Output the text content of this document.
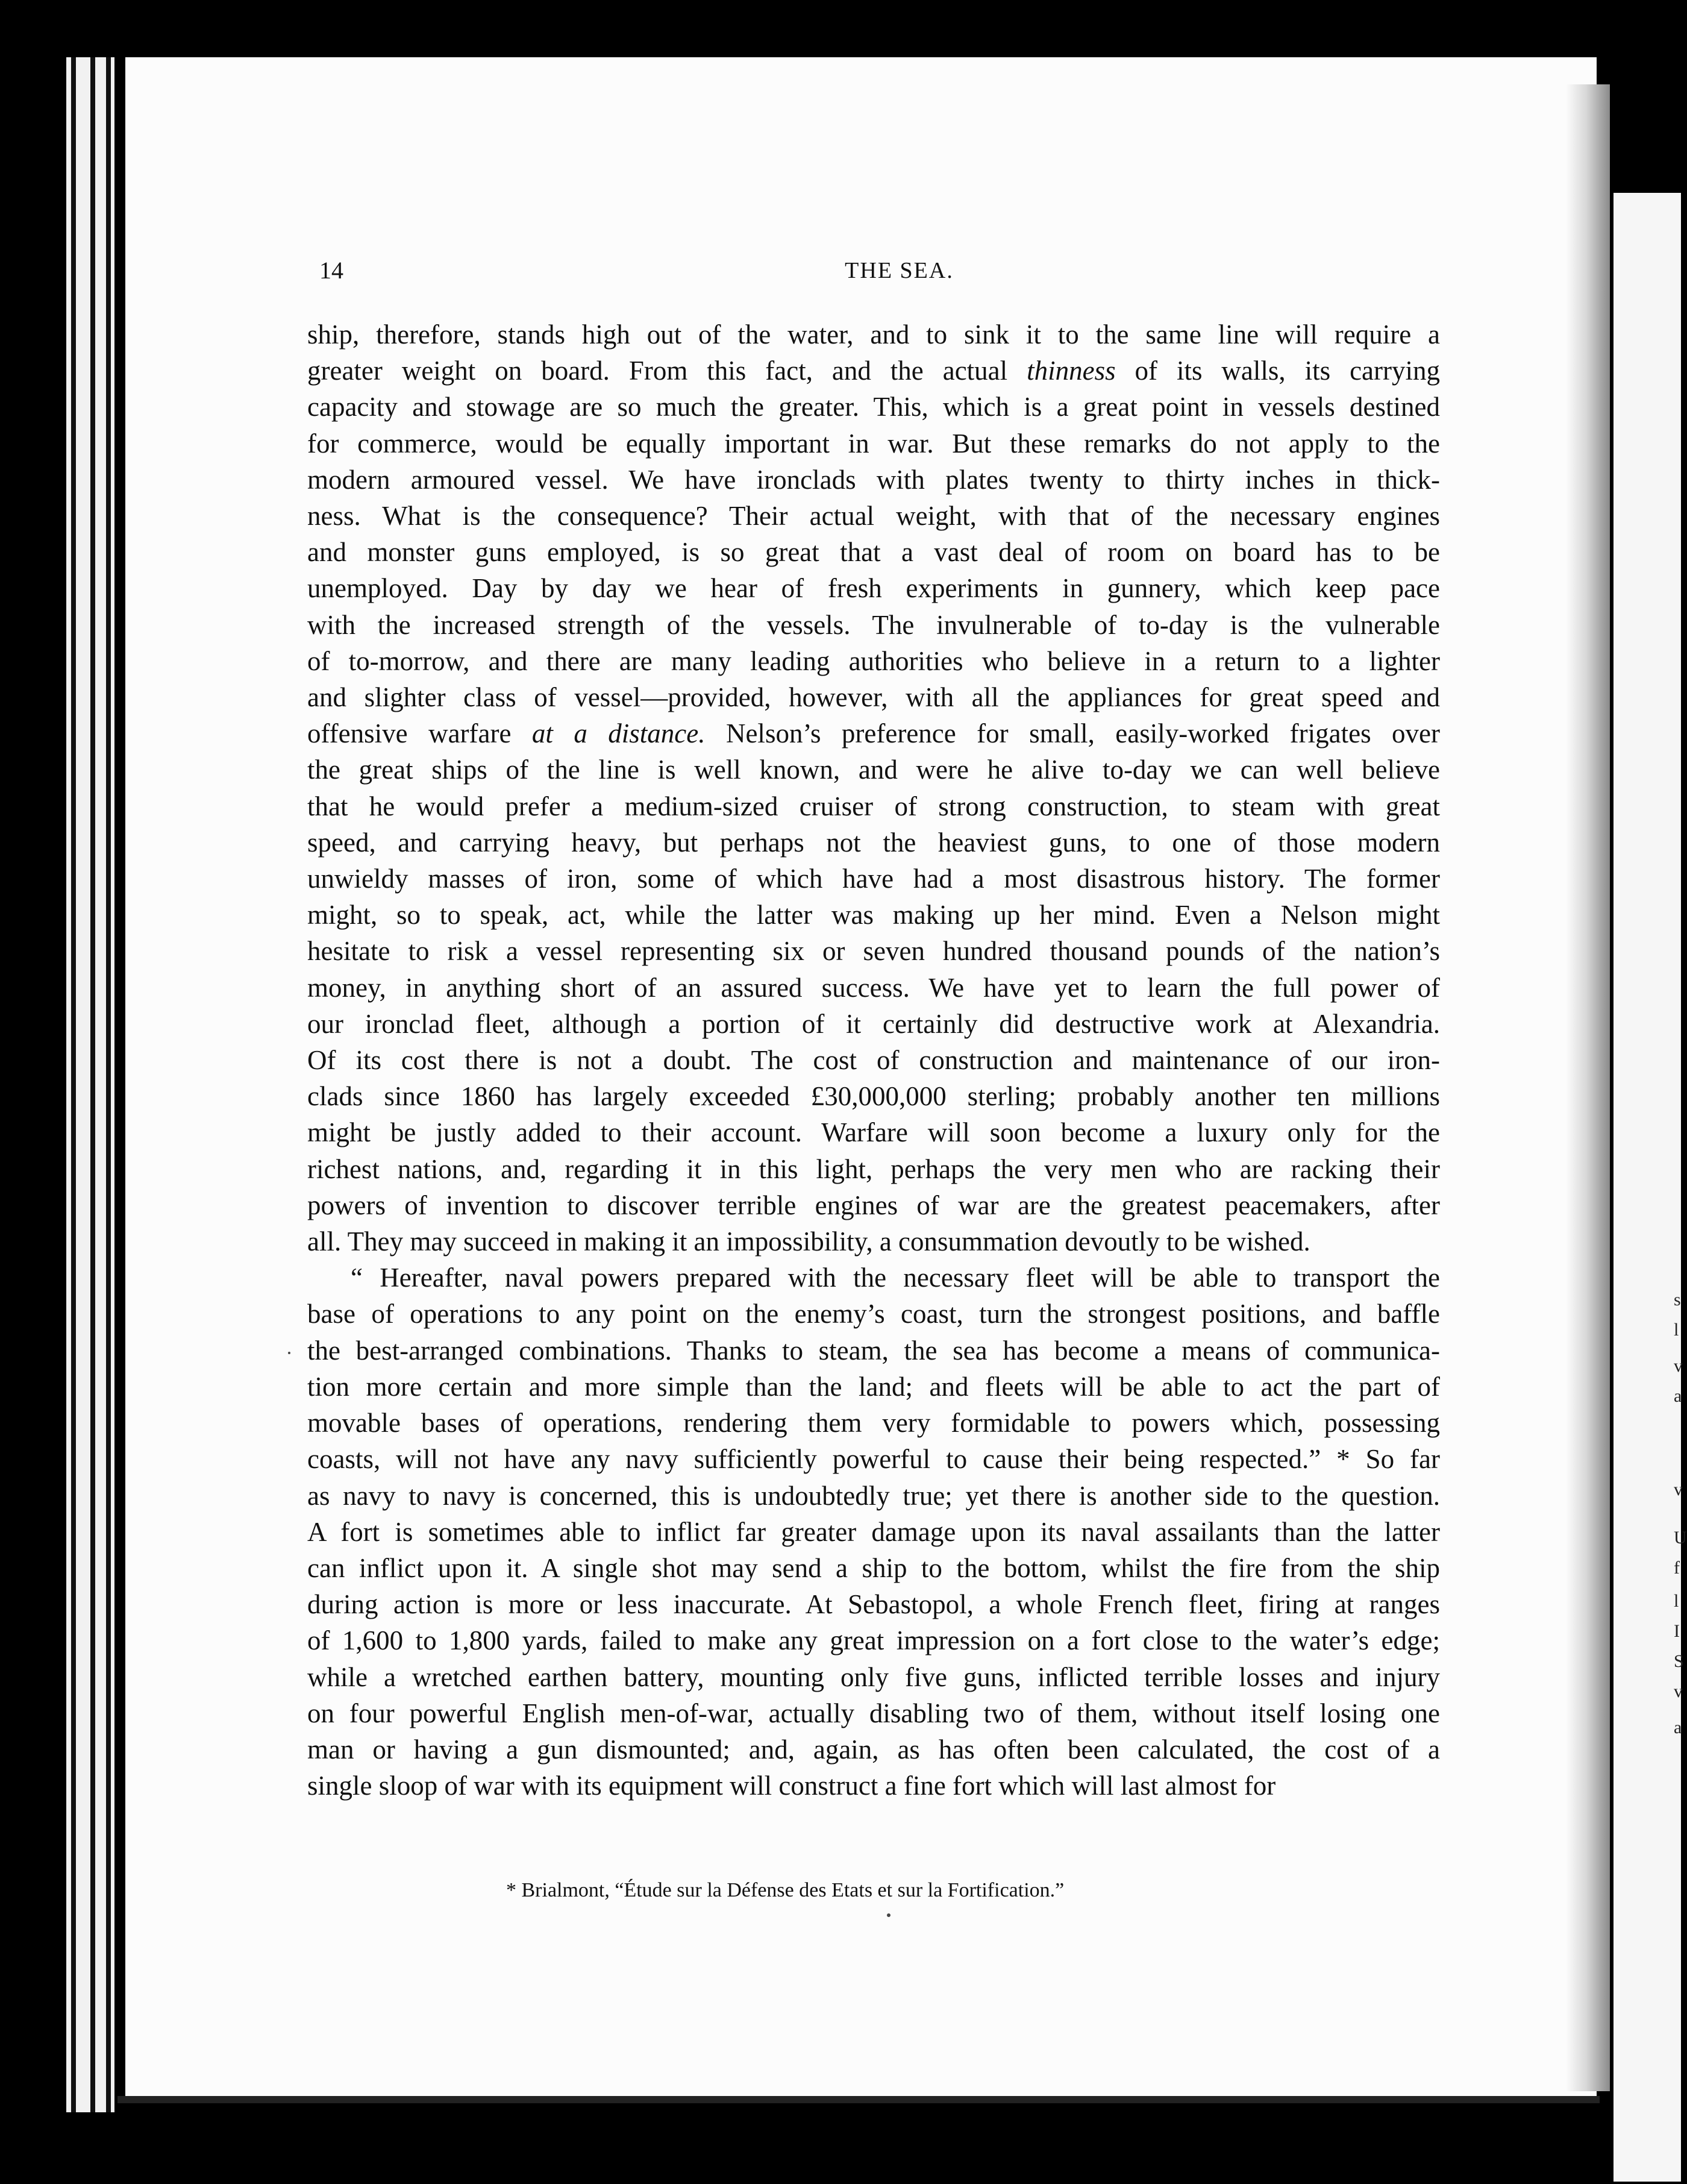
s
l
v
a
v
U
f
l
I
S
v
a
14	THE SEA.
ship, therefore, stands high out of the water, and to sink it to the same line will require a
greater weight on board. From this fact, and the actual thinness of its walls, its carrying
capacity and stowage are so much the greater. This, which is a great point in vessels destined
for commerce, would be equally important in war. But these remarks do not apply to the
modern armoured vessel. We have ironclads with plates twenty to thirty inches in thick-
ness. What is the consequence? Their actual weight, with that of the necessary engines
and monster guns employed, is so great that a vast deal of room on board has to be
unemployed. Day by day we hear of fresh experiments in gunnery, which keep pace
with the increased strength of the vessels. The invulnerable of to-day is the vulnerable
of to-morrow, and there are many leading authorities who believe in a return to a lighter
and slighter class of vessel—provided, however, with all the appliances for great speed and
offensive warfare at a distance. Nelson’s preference for small, easily-worked frigates over
the great ships of the line is well known, and were he alive to-day we can well believe
that he would prefer a medium-sized cruiser of strong construction, to steam with great
speed, and carrying heavy, but perhaps not the heaviest guns, to one of those modern
unwieldy masses of iron, some of which have had a most disastrous history. The former
might, so to speak, act, while the latter was making up her mind. Even a Nelson might
hesitate to risk a vessel representing six or seven hundred thousand pounds of the nation’s
money, in anything short of an assured success. We have yet to learn the full power of
our ironclad fleet, although a portion of it certainly did destructive work at Alexandria.
Of its cost there is not a doubt. The cost of construction and maintenance of our iron-
clads since 1860 has largely exceeded £30,000,000 sterling; probably another ten millions
might be justly added to their account. Warfare will soon become a luxury only for the
richest nations, and, regarding it in this light, perhaps the very men who are racking their
powers of invention to discover terrible engines of war are the greatest peacemakers, after
all. They may succeed in making it an impossibility, a consummation devoutly to be wished.
“ Hereafter, naval powers prepared with the necessary fleet will be able to transport the
base of operations to any point on the enemy’s coast, turn the strongest positions, and baffle
the best-arranged combinations. Thanks to steam, the sea has become a means of communica-
tion more certain and more simple than the land; and fleets will be able to act the part of
movable bases of operations, rendering them very formidable to powers which, possessing
coasts, will not have any navy sufficiently powerful to cause their being respected.” * So far
as navy to navy is concerned, this is undoubtedly true; yet there is another side to the question.
A fort is sometimes able to inflict far greater damage upon its naval assailants than the latter
can inflict upon it. A single shot may send a ship to the bottom, whilst the fire from the ship
during action is more or less inaccurate. At Sebastopol, a whole French fleet, firing at ranges
of 1,600 to 1,800 yards, failed to make any great impression on a fort close to the water’s edge;
while a wretched earthen battery, mounting only five guns, inflicted terrible losses and injury
on four powerful English men-of-war, actually disabling two of them, without itself losing one
man or having a gun dismounted; and, again, as has often been calculated, the cost of a
single sloop of war with its equipment will construct a fine fort which will last almost for
* Brialmont, “Étude sur la Défense des Etats et sur la Fortification.”
